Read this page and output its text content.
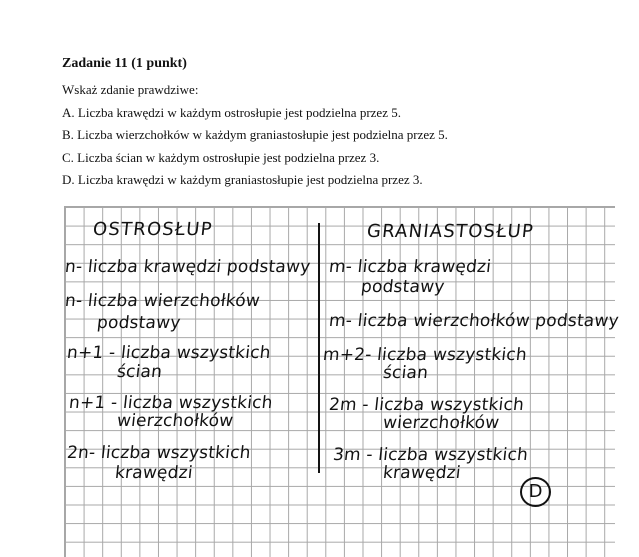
Zadanie 11 (1 punkt)
Wskaż zdanie prawdziwe:
A. Liczba krawędzi w każdym ostrosłupie jest podzielna przez 5.
B. Liczba wierzchołków w każdym graniastosłupie jest podzielna przez 5.
C. Liczba ścian w każdym ostrosłupie jest podzielna przez 3.
D. Liczba krawędzi w każdym graniastosłupie jest podzielna przez 3.
OSTROSŁUP	GRANIASTOSŁUP
n- liczba krawędzi podstawy
n- liczba wierzchołków
podstawy
n+1 - liczba wszystkich
ścian
n+1 - liczba wszystkich
wierzchołków
2n- liczba wszystkich
krawędzi
m- liczba krawędzi
podstawy
m- liczba wierzchołków podstawy
m+2- liczba wszystkich
ścian
2m - liczba wszystkich
wierzchołków
3m - liczba wszystkich
krawędzi
D
